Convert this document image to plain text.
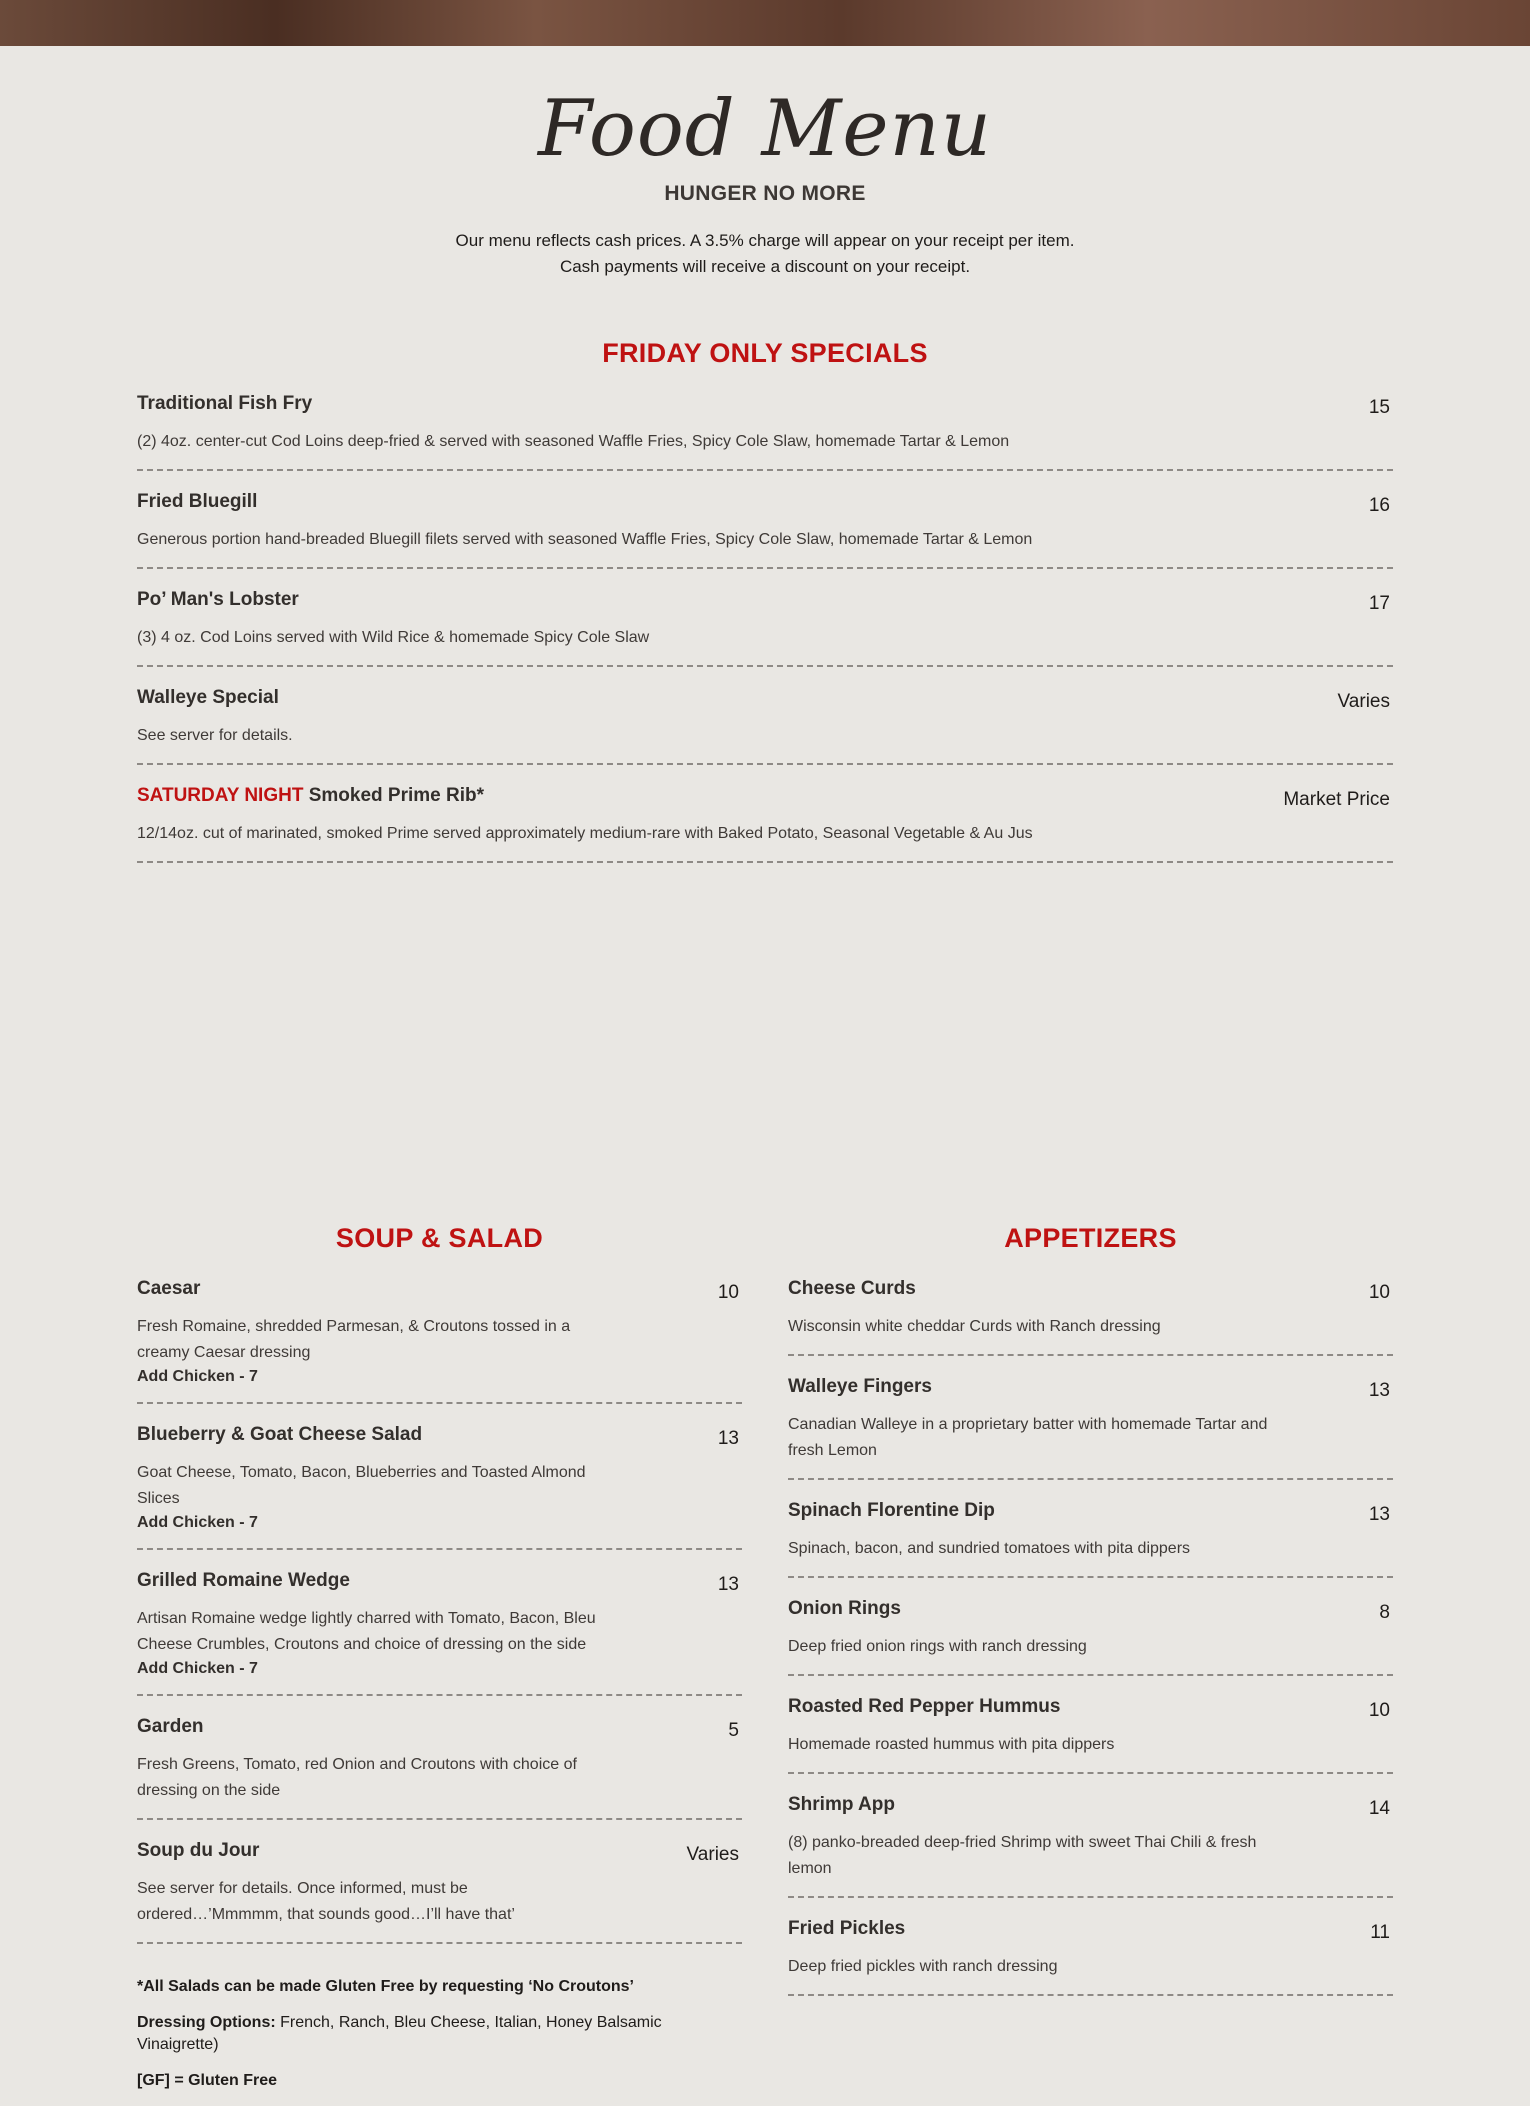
Food Menu
HUNGER NO MORE
Our menu reflects cash prices. A 3.5% charge will appear on your receipt per item.
Cash payments will receive a discount on your receipt.
FRIDAY ONLY SPECIALS
Traditional Fish Fry	15
(2) 4oz. center-cut Cod Loins deep-fried & served with seasoned Waffle Fries, Spicy Cole Slaw, homemade Tartar & Lemon
Fried Bluegill	16
Generous portion hand-breaded Bluegill filets served with seasoned Waffle Fries, Spicy Cole Slaw, homemade Tartar & Lemon
Po’ Man's Lobster	17
(3) 4 oz. Cod Loins served with Wild Rice & homemade Spicy Cole Slaw
Walleye Special	Varies
See server for details.
SATURDAY NIGHT Smoked Prime Rib*	Market Price
12/14oz. cut of marinated, smoked Prime served approximately medium-rare with Baked Potato, Seasonal Vegetable & Au Jus
SOUP & SALAD
Caesar	10
Fresh Romaine, shredded Parmesan, & Croutons tossed in a creamy Caesar dressing
Add Chicken - 7
Blueberry & Goat Cheese Salad	13
Goat Cheese, Tomato, Bacon, Blueberries and Toasted Almond Slices
Add Chicken - 7
Grilled Romaine Wedge	13
Artisan Romaine wedge lightly charred with Tomato, Bacon, Bleu Cheese Crumbles, Croutons and choice of dressing on the side
Add Chicken - 7
Garden	5
Fresh Greens, Tomato, red Onion and Croutons with choice of dressing on the side
Soup du Jour	Varies
See server for details. Once informed, must be ordered…’Mmmmm, that sounds good…I’ll have that’

*All Salads can be made Gluten Free by requesting ‘No Croutons’

Dressing Options: French, Ranch, Bleu Cheese, Italian, Honey Balsamic Vinaigrette)

[GF] = Gluten Free

APPETIZERS
Cheese Curds	10
Wisconsin white cheddar Curds with Ranch dressing
Walleye Fingers	13
Canadian Walleye in a proprietary batter with homemade Tartar and fresh Lemon
Spinach Florentine Dip	13
Spinach, bacon, and sundried tomatoes with pita dippers
Onion Rings	8
Deep fried onion rings with ranch dressing
Roasted Red Pepper Hummus	10
Homemade roasted hummus with pita dippers
Shrimp App	14
(8) panko-breaded deep-fried Shrimp with sweet Thai Chili & fresh lemon
Fried Pickles	11
Deep fried pickles with ranch dressing
